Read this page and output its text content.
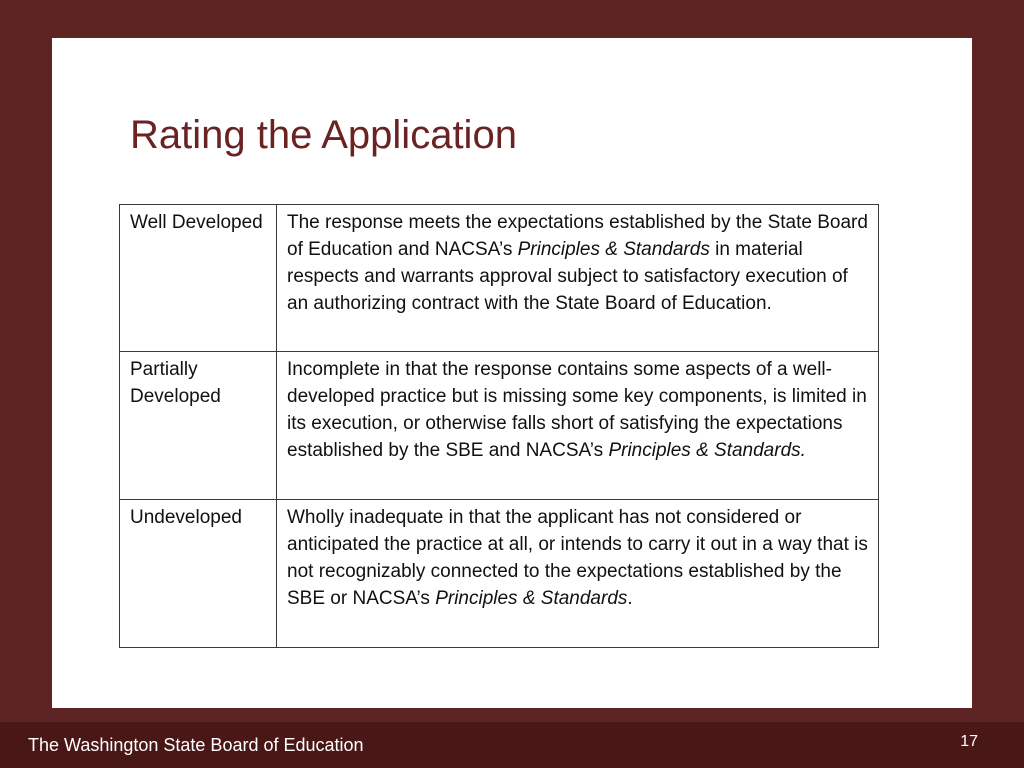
Rating the Application
Well Developed	The response meets the expectations established by the State Board of Education and NACSA’s Principles & Standards in material respects and warrants approval subject to satisfactory execution of an authorizing contract with the State Board of Education.
Partially Developed	Incomplete in that the response contains some aspects of a well-developed practice but is missing some key components, is limited in its execution, or otherwise falls short of satisfying the expectations established by the SBE and NACSA’s Principles & Standards.
Undeveloped	Wholly inadequate in that the applicant has not considered or anticipated the practice at all, or intends to carry it out in a way that is not recognizably connected to the expectations established by the SBE or NACSA’s Principles & Standards.
The Washington State Board of Education	17
